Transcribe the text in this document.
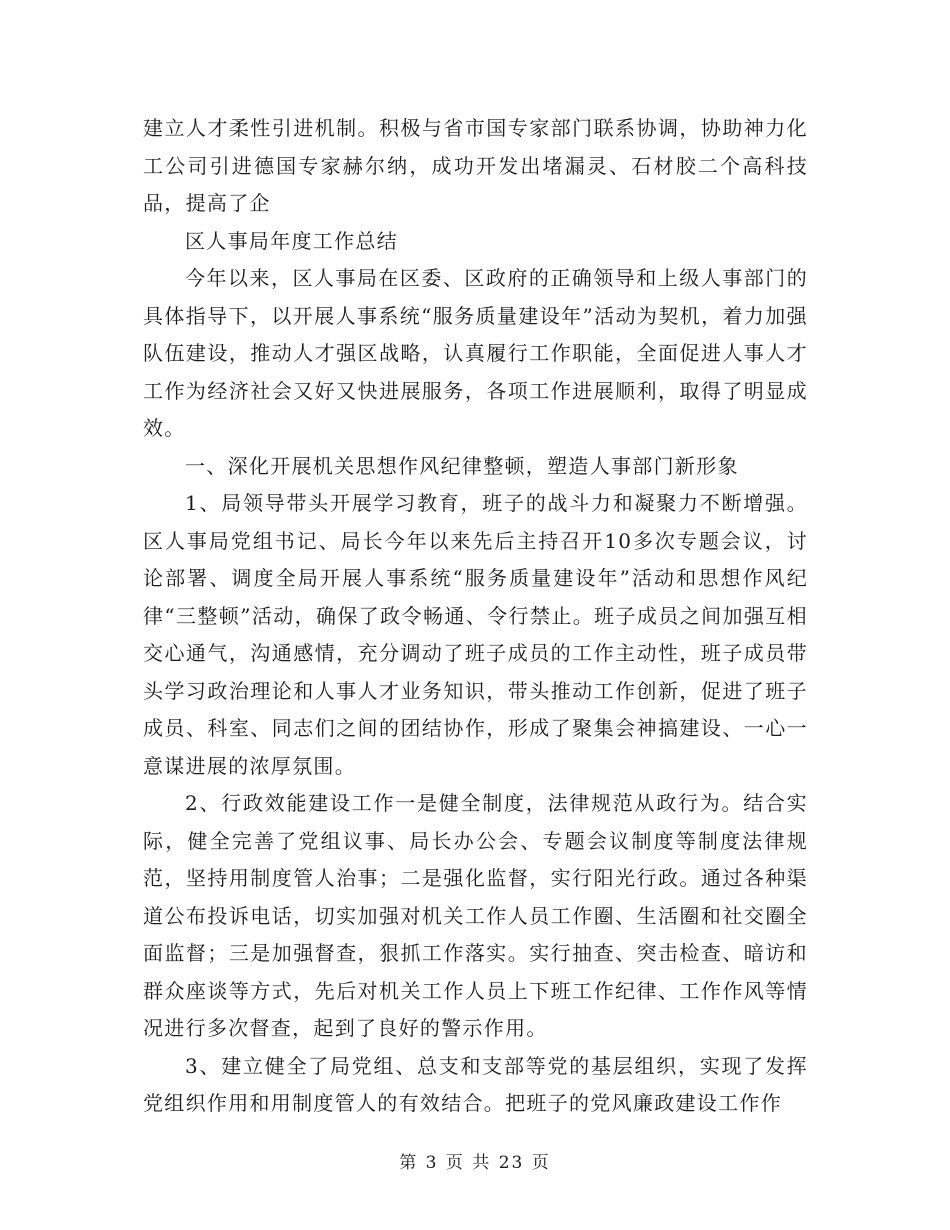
建立人才柔性引进机制。积极与省市国专家部门联系协调，协助神力化工公司引进德国专家赫尔纳，成功开发出堵漏灵、石材胶二个高科技品，提高了企

区人事局年度工作总结

今年以来，区人事局在区委、区政府的正确领导和上级人事部门的具体指导下，以开展人事系统“服务质量建设年”活动为契机，着力加强队伍建设，推动人才强区战略，认真履行工作职能，全面促进人事人才工作为经济社会又好又快进展服务，各项工作进展顺利，取得了明显成效。

一、深化开展机关思想作风纪律整顿，塑造人事部门新形象

1、局领导带头开展学习教育，班子的战斗力和凝聚力不断增强。区人事局党组书记、局长今年以来先后主持召开10多次专题会议，讨论部署、调度全局开展人事系统“服务质量建设年”活动和思想作风纪律“三整顿”活动，确保了政令畅通、令行禁止。班子成员之间加强互相交心通气，沟通感情，充分调动了班子成员的工作主动性，班子成员带头学习政治理论和人事人才业务知识，带头推动工作创新，促进了班子成员、科室、同志们之间的团结协作，形成了聚集会神搞建设、一心一意谋进展的浓厚氛围。

2、行政效能建设工作一是健全制度，法律规范从政行为。结合实际，健全完善了党组议事、局长办公会、专题会议制度等制度法律规范，坚持用制度管人治事；二是强化监督，实行阳光行政。通过各种渠道公布投诉电话，切实加强对机关工作人员工作圈、生活圈和社交圈全面监督；三是加强督查，狠抓工作落实。实行抽查、突击检查、暗访和群众座谈等方式，先后对机关工作人员上下班工作纪律、工作作风等情况进行多次督查，起到了良好的警示作用。

3、建立健全了局党组、总支和支部等党的基层组织，实现了发挥党组织作用和用制度管人的有效结合。把班子的党风廉政建设工作作

第 3 页 共 23 页
